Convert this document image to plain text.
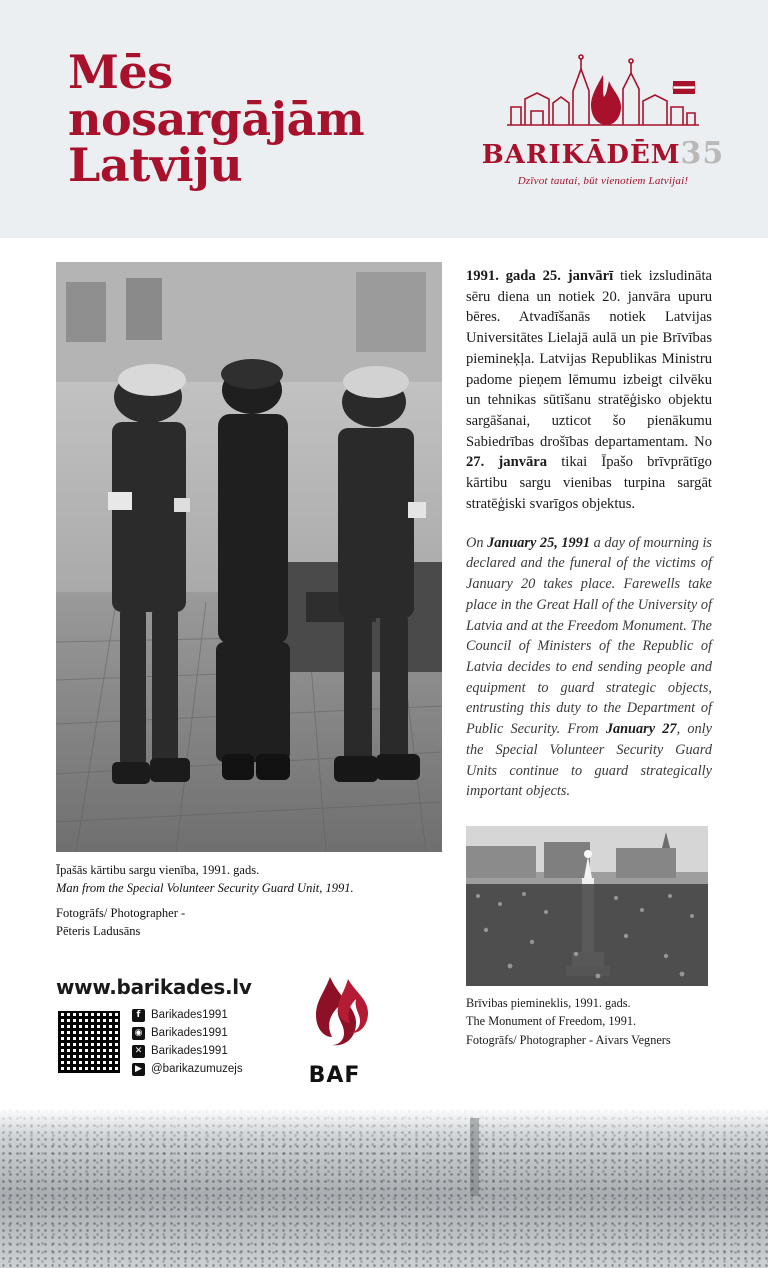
Mēs
nosargājām
Latviju	BARIKĀDĒM35
Dzīvot tautai, būt vienotiem Latvijai!
Īpašās kārtibu sargu vienība, 1991. gads.
Man from the Special Volunteer Security Guard Unit, 1991.
Fotogrāfs/ Photographer -
Pēteris Ladusāns

1991. gada 25. janvārī tiek izsludināta sēru diena un notiek 20. janvāra upuru bēres. Atvadīšanās notiek Latvijas Universitātes Lielajā aulā un pie Brīvības piemineķļa. Latvijas Republikas Ministru padome pieņem lēmumu izbeigt cilvēku un tehnikas sūtīšanu stratēģisko objektu sargāšanai, uzticot šo pienākumu Sabiedrības drošības departamentam. No 27. janvāra tikai Īpašo brīvprātīgo kārtibu sargu vienibas turpina sargāt stratēģiski svarīgos objektus.

On January 25, 1991 a day of mourning is declared and the funeral of the victims of January 20 takes place. Farewells take place in the Great Hall of the University of Latvia and at the Freedom Monument. The Council of Ministers of the Republic of Latvia decides to end sending people and equipment to guard strategic objects, entrusting this duty to the Department of Public Security. From January 27, only the Special Volunteer Security Guard Units continue to guard strategically important objects.

Brīvibas piemineklis, 1991. gads.
The Monument of Freedom, 1991.
Fotogrāfs/ Photographer - Aivars Vegners
www.barikades.lv
f Barikades1991
◉ Barikades1991
✕ Barikades1991
▶ @barikazumuzejs	BAF
